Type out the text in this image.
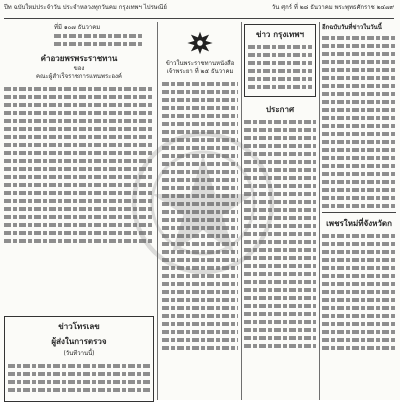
ปีท ฉบับใหม่ประจำวัน ประจำหลวงทุกวันคม กรุงเทพฯ ไปรษณีย์	วัน ศุกร์ ที่ ๒๘ ธันวาคม พระพุทธศักราช ๒๔๗๙
ที่มี ๑๐๗ ธันวาคม
คำอวยพรพระราชทาน
ของ
คณะผู้สำเร็จราชการแทนพระองค์
ข่าวโทรเลข
ผู้ส่งในการตรวจ
(วันทีวานนี้)
ข้าวในพระราชทานหนังสือ
เจ้าพระยา ที่ ๒๕ ธันวาคม
ข่าว กรุงเทพฯ
ประกาศ
อีกฉบับวันที่ข่าวในวันนี้
เพชรใหม่ที่จังหวัดก
